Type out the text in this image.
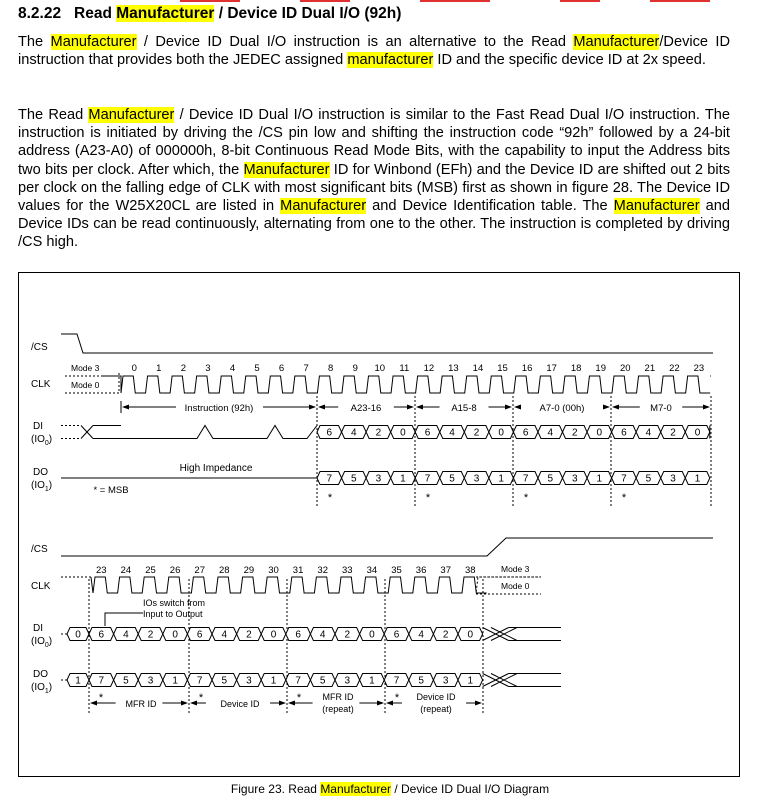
8.2.22 Read Manufacturer / Device ID Dual I/O (92h)
The Manufacturer / Device ID Dual I/O instruction is an alternative to the Read Manufacturer/Device ID instruction that provides both the JEDEC assigned manufacturer ID and the specific device ID at 2x speed.
The Read Manufacturer / Device ID Dual I/O instruction is similar to the Fast Read Dual I/O instruction. The instruction is initiated by driving the /CS pin low and shifting the instruction code “92h” followed by a 24-bit address (A23-A0) of 000000h, 8-bit Continuous Read Mode Bits, with the capability to input the Address bits two bits per clock. After which, the Manufacturer ID for Winbond (EFh) and the Device ID are shifted out 2 bits per clock on the falling edge of CLK with most significant bits (MSB) first as shown in figure 28. The Device ID values for the W25X20CL are listed in Manufacturer and Device Identification table. The Manufacturer and Device IDs can be read continuously, alternating from one to the other. The instruction is completed by driving /CS high.
/CS
CLK
DI
$(IO_0)$
DO
$(IO_1)$
Mode 3
Mode 0
0 1 2 3 4 5 6 7 8 9 10 11 12 13 14 15 16 17 18 19 20 21 22 23
Instruction (92h)	A23-16	A15-8	A7-0 (00h)	M7-0
6 4 2 0 6 4 2 0 6 4 2 0 6 4 2 0
High Impedance
7 5 3 1 7 5 3 1 7 5 3 1 7 5 3 1
* = MSB
*	*	*	*
/CS
CLK
DI
$(IO_0)$
DO
$(IO_1)$
Mode 3
Mode 0
23 24 25 26 27 28 29 30 31 32 33 34 35 36 37 38
IOs switch from
Input to Output
0 6 4 2 0 6 4 2 0 6 4 2 0 6 4 2 0
1 7 5 3 1 7 5 3 1 7 5 3 1 7 5 3 1
*	*	*	*
MFR ID	Device ID
MFR ID
(repeat)
Device ID
(repeat)
Figure 23. Read Manufacturer / Device ID Dual I/O Diagram
